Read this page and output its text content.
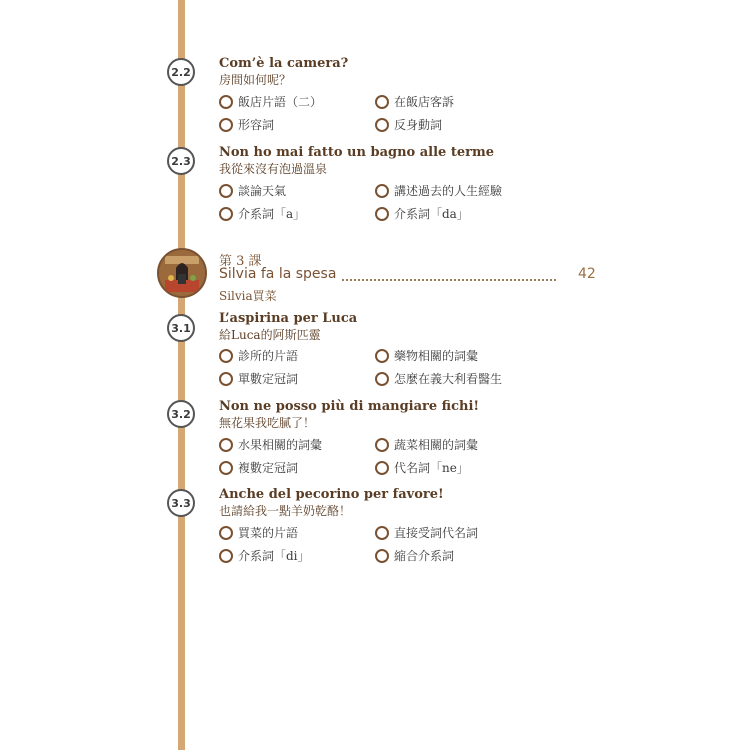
2.2
Com’è la camera?
房間如何呢？
飯店片語（二）	在飯店客訴
形容詞	反身動詞
2.3
Non ho mai fatto un bagno alle terme
我從來沒有泡過溫泉
談論天氣	講述過去的人生經驗
介系詞「a」	介系詞「da」
第 3 課
Silvia fa la spesa	42
Silvia買菜
3.1
L’aspirina per Luca
給Luca的阿斯匹靈
診所的片語	藥物相關的詞彙
單數定冠詞	怎麼在義大利看醫生
3.2	Non ne posso più di mangiare fichi!
無花果我吃膩了！
水果相關的詞彙	蔬菜相關的詞彙
複數定冠詞	代名詞「ne」
3.3
Anche del pecorino per favore!
也請給我一點羊奶乾酪！
買菜的片語	直接受詞代名詞
介系詞「di」	縮合介系詞
